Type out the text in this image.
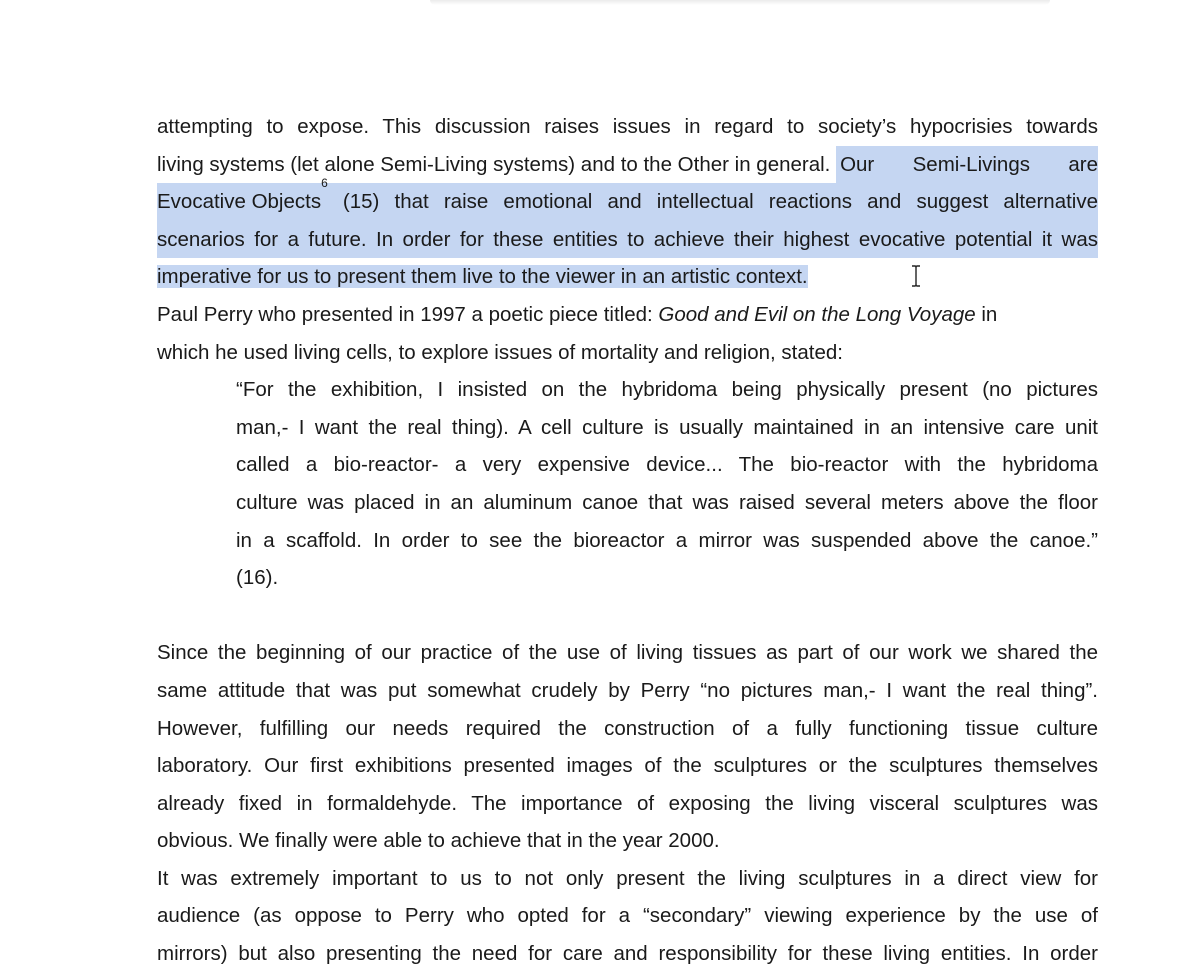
attempting to expose. This discussion raises issues in regard to society’s hypocrisies towards
living systems (let alone Semi-Living systems) and to the Other in general. Our Semi-Livings are
Evocative Objects
6
(15) that raise emotional and intellectual reactions and suggest alternative
scenarios for a future. In order for these entities to achieve their highest evocative potential it was
imperative for us to present them live to the viewer in an artistic context.
Paul Perry who presented in 1997 a poetic piece titled: Good and Evil on the Long Voyage in
which he used living cells, to explore issues of mortality and religion, stated:
“For the exhibition, I insisted on the hybridoma being physically present (no pictures
man,- I want the real thing). A cell culture is usually maintained in an intensive care unit
called a bio-reactor- a very expensive device... The bio-reactor with the hybridoma
culture was placed in an aluminum canoe that was raised several meters above the floor
in a scaffold. In order to see the bioreactor a mirror was suspended above the canoe.”
(16).
Since the beginning of our practice of the use of living tissues as part of our work we shared the
same attitude that was put somewhat crudely by Perry “no pictures man,- I want the real thing”.
However, fulfilling our needs required the construction of a fully functioning tissue culture
laboratory. Our first exhibitions presented images of the sculptures or the sculptures themselves
already fixed in formaldehyde. The importance of exposing the living visceral sculptures was
obvious. We finally were able to achieve that in the year 2000.
It was extremely important to us to not only present the living sculptures in a direct view for
audience (as oppose to Perry who opted for a “secondary” viewing experience by the use of
mirrors) but also presenting the need for care and responsibility for these living entities. In order
